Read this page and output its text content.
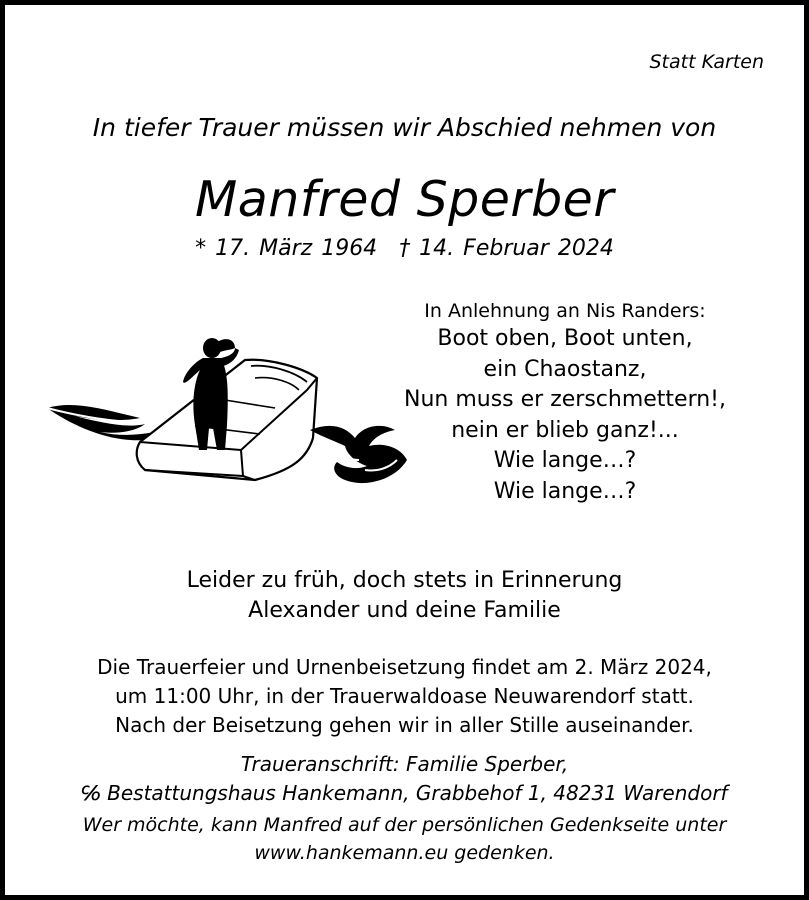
Statt Karten
In tiefer Trauer müssen wir Abschied nehmen von
Manfred Sperber
* 17. März 1964 † 14. Februar 2024
In Anlehnung an Nis Randers:
Boot oben, Boot unten,
ein Chaostanz,
Nun muss er zerschmettern!,
nein er blieb ganz!...
Wie lange…?
Wie lange…?
Leider zu früh, doch stets in Erinnerung
Alexander und deine Familie
Die Trauerfeier und Urnenbeisetzung findet am 2. März 2024,
um 11:00 Uhr, in der Trauerwaldoase Neuwarendorf statt.
Nach der Beisetzung gehen wir in aller Stille auseinander.
Traueranschrift: Familie Sperber,
℅ Bestattungshaus Hankemann, Grabbehof 1, 48231 Warendorf
Wer möchte, kann Manfred auf der persönlichen Gedenkseite unter
www.hankemann.eu gedenken.
